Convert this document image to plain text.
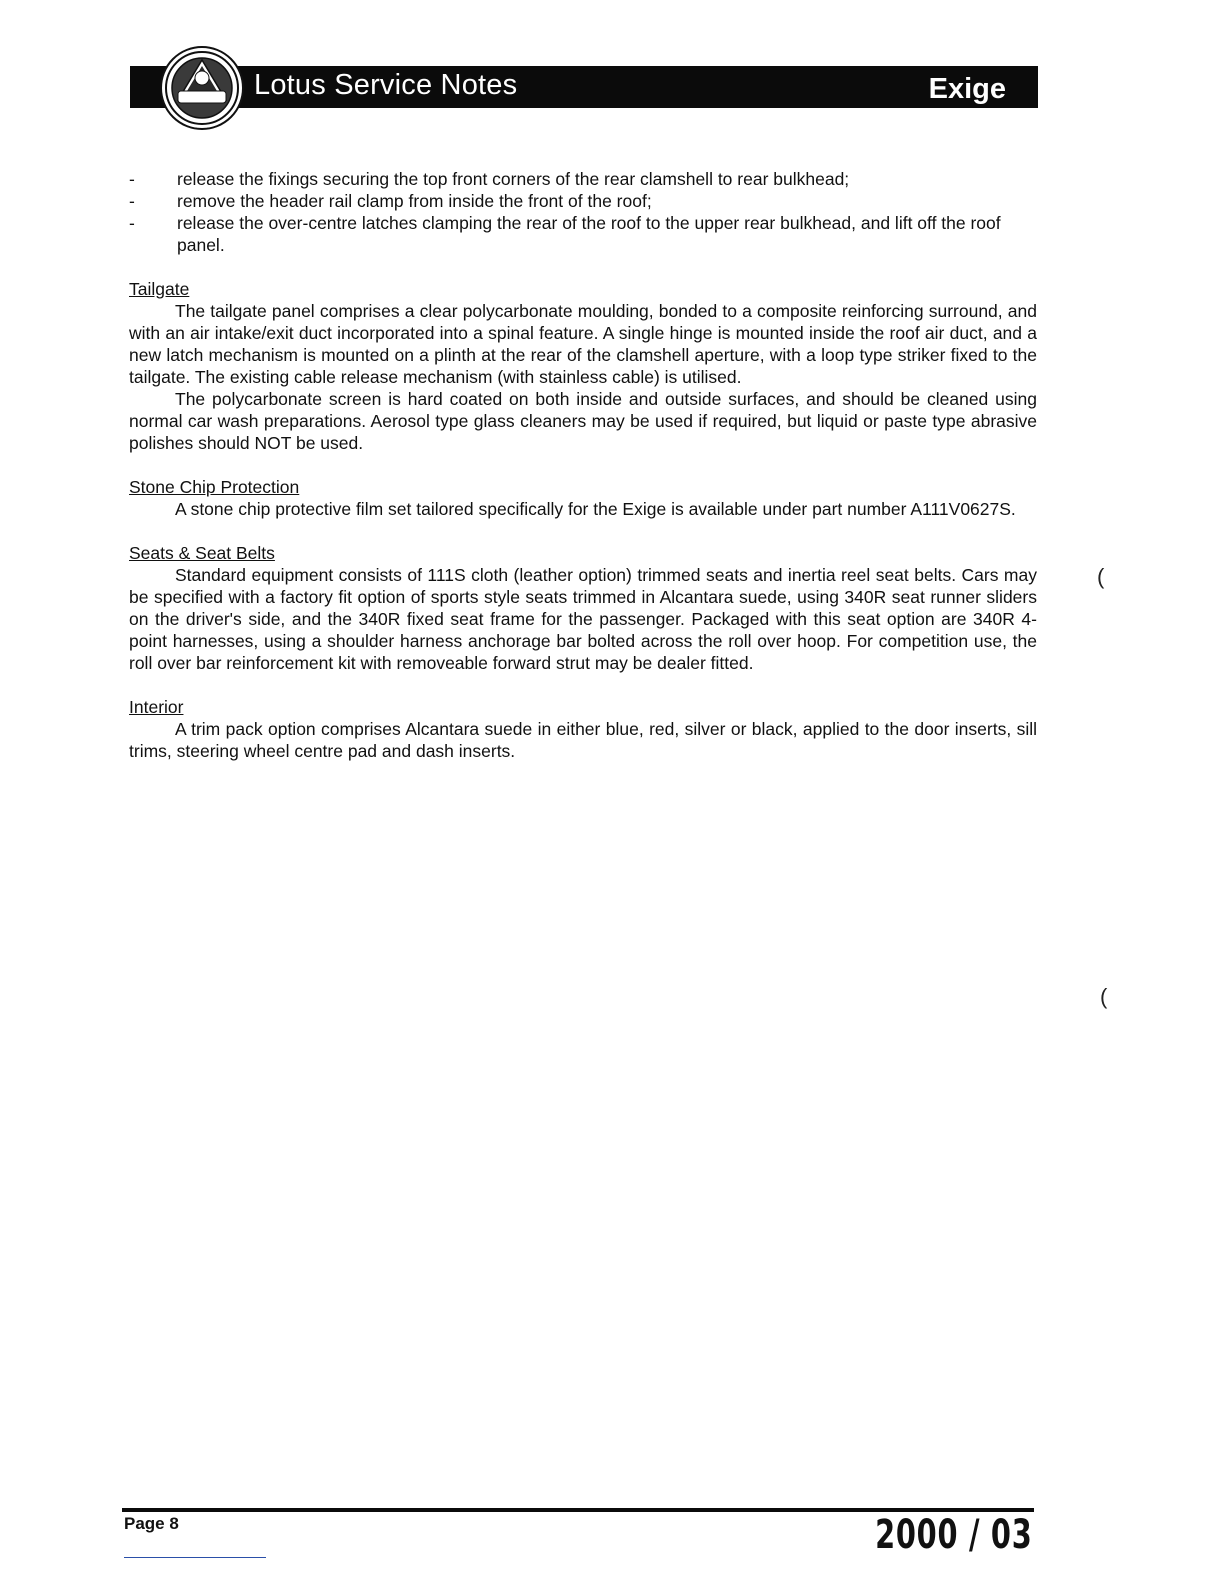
Lotus Service Notes	Exige
- release the fixings securing the top front corners of the rear clamshell to rear bulkhead;
- remove the header rail clamp from inside the front of the roof;
- release the over-centre latches clamping the rear of the roof to the upper rear bulkhead, and lift off the roof panel.
Tailgate

The tailgate panel comprises a clear polycarbonate moulding, bonded to a composite reinforcing surround, and with an air intake/exit duct incorporated into a spinal feature. A single hinge is mounted inside the roof air duct, and a new latch mechanism is mounted on a plinth at the rear of the clamshell aperture, with a loop type striker fixed to the tailgate. The existing cable release mechanism (with stainless cable) is utilised.

The polycarbonate screen is hard coated on both inside and outside surfaces, and should be cleaned using normal car wash preparations. Aerosol type glass cleaners may be used if required, but liquid or paste type abrasive polishes should NOT be used.

Stone Chip Protection

A stone chip protective film set tailored specifically for the Exige is available under part number A111V0627S.

Seats & Seat Belts

Standard equipment consists of 111S cloth (leather option) trimmed seats and inertia reel seat belts. Cars may be specified with a factory fit option of sports style seats trimmed in Alcantara suede, using 340R seat runner sliders on the driver's side, and the 340R fixed seat frame for the passenger. Packaged with this seat option are 340R 4-point harnesses, using a shoulder harness anchorage bar bolted across the roll over hoop. For competition use, the roll over bar reinforcement kit with removeable forward strut may be dealer fitted.

Interior

A trim pack option comprises Alcantara suede in either blue, red, silver or black, applied to the door inserts, sill trims, steering wheel centre pad and dash inserts.

(
(
Page 8	2000 / 03
